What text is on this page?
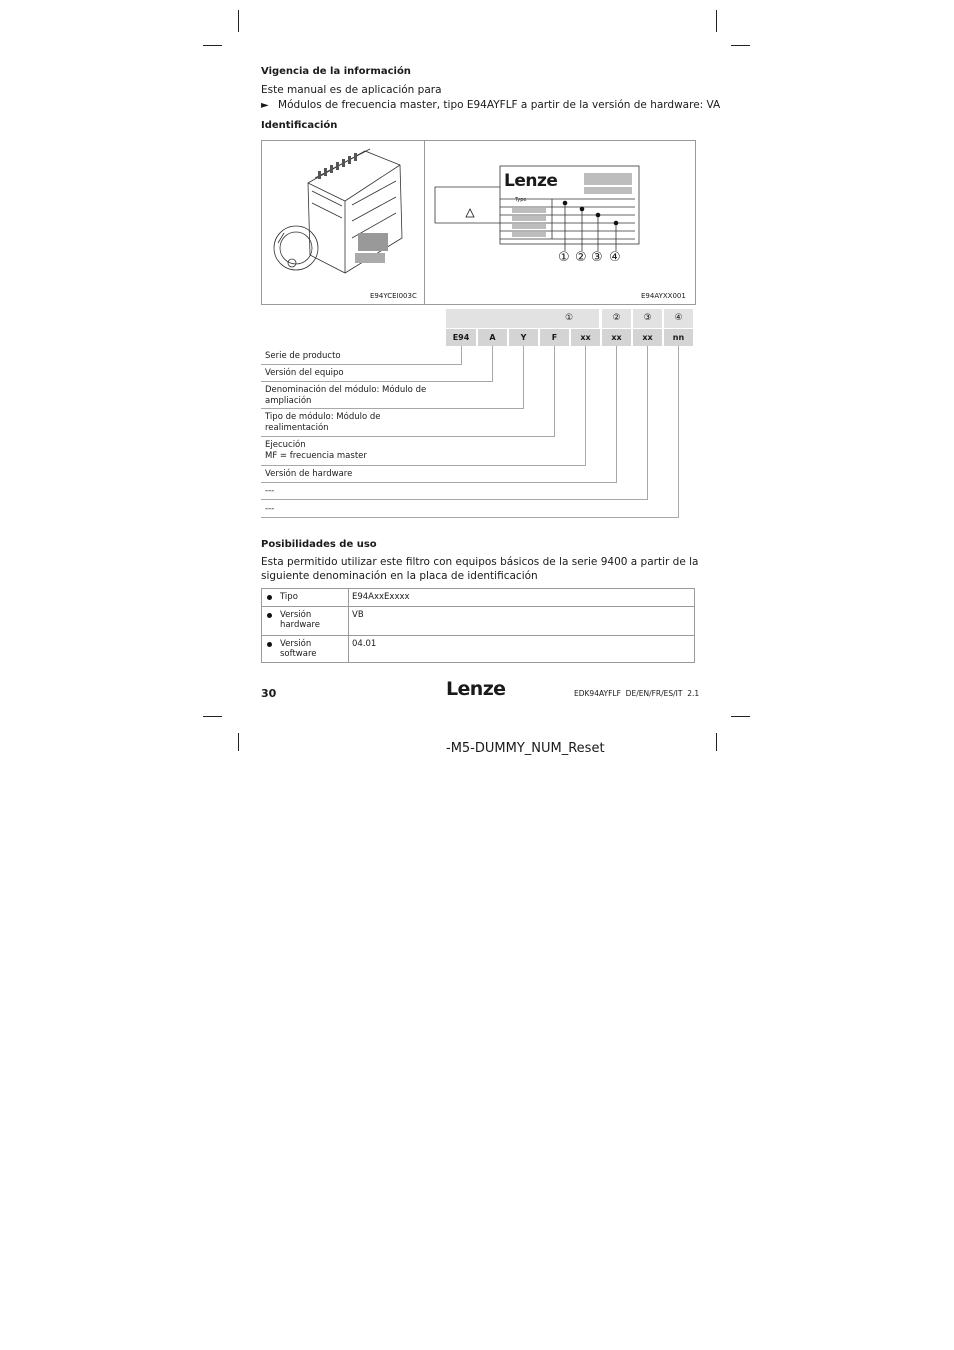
Vigencia de la información
Este manual es de aplicación para
► Módulos de frecuencia master, tipo E94AYFLF a partir de la versión de hardware: VA
Identificación
E94YCEI003C
Lenze
Type
① ② ③ ④
E94AYXX001
①	②	③	④
E94	A	Y	F	xx	xx	xx	nn
Serie de producto
Versión del equipo
Denominación del módulo: Módulo de ampliación
Tipo de módulo: Módulo de realimentación
Ejecución
MF = frecuencia master
Versión de hardware
---
---
Posibilidades de uso
Esta permitido utilizar este filtro con equipos básicos de la serie 9400 a partir de la siguiente denominación en la placa de identificación
Tipo	E94AxxExxxx
Versión hardware	VB
Versión software	04.01
30	Lenze	EDK94AYFLF  DE/EN/FR/ES/IT  2.1
-M5-DUMMY_NUM_Reset
